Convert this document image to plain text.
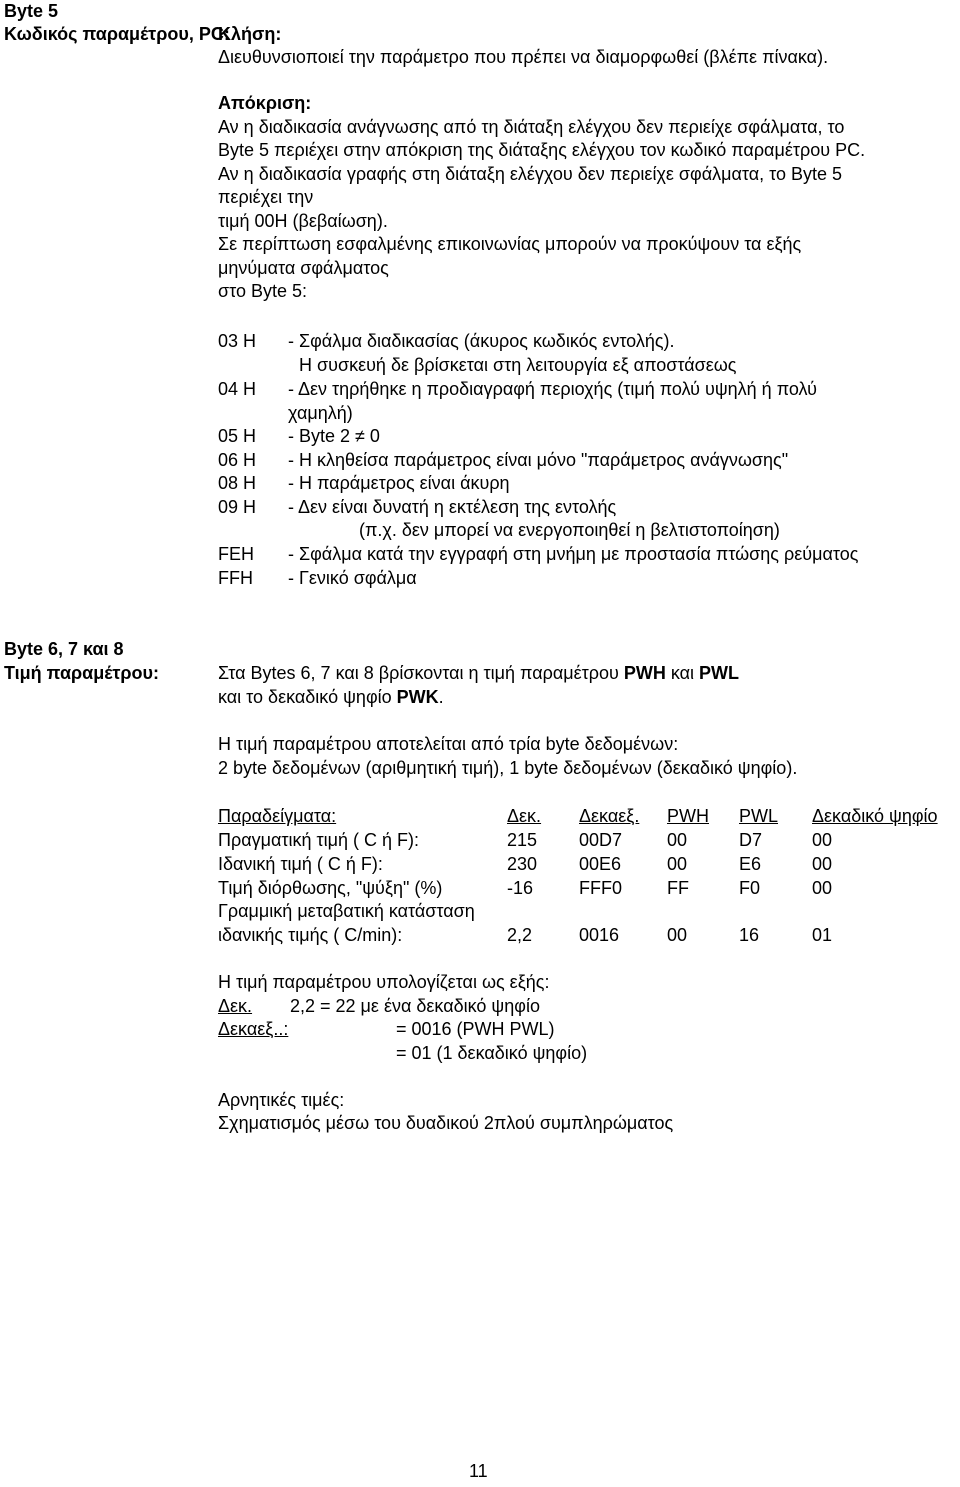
Byte 5
Κωδικός παραμέτρου, PC:
Κλήση:
Διευθυνσιοποιεί την παράμετρο που πρέπει να διαμορφωθεί (βλέπε πίνακα).
Απόκριση:
Αν η διαδικασία ανάγνωσης από τη διάταξη ελέγχου δεν περιείχε σφάλματα, το
Byte 5 περιέχει στην απόκριση της διάταξης ελέγχου τον κωδικό παραμέτρου PC.
Αν η διαδικασία γραφής στη διάταξη ελέγχου δεν περιείχε σφάλματα, το Byte 5
περιέχει την
τιμή 00H (βεβαίωση).
Σε περίπτωση εσφαλμένης επικοινωνίας μπορούν να προκύψουν τα εξής
μηνύματα σφάλματος
στο Byte 5:
03 H - Σφάλμα διαδικασίας (άκυρος κωδικός εντολής).
Η συσκευή δε βρίσκεται στη λειτουργία εξ αποστάσεως
04 H - Δεν τηρήθηκε η προδιαγραφή περιοχής (τιμή πολύ υψηλή ή πολύ
χαμηλή)
05 H - Byte 2 ≠ 0
06 H - Η κληθείσα παράμετρος είναι μόνο "παράμετρος ανάγνωσης"
08 H - Η παράμετρος είναι άκυρη
09 H - Δεν είναι δυνατή η εκτέλεση της εντολής
(π.χ. δεν μπορεί να ενεργοποιηθεί η βελτιστοποίηση)
FEH - Σφάλμα κατά την εγγραφή στη μνήμη με προστασία πτώσης ρεύματος
FFH - Γενικό σφάλμα
Byte 6, 7 και 8
Τιμή παραμέτρου:	Στα Bytes 6, 7 και 8 βρίσκονται η τιμή παραμέτρου PWH και PWL
και το δεκαδικό ψηφίο PWK.
Η τιμή παραμέτρου αποτελείται από τρία byte δεδομένων:
2 byte δεδομένων (αριθμητική τιμή), 1 byte δεδομένων (δεκαδικό ψηφίο).
Παραδείγματα:	Δεκ. Δεκαεξ. PWH PWL Δεκαδικό ψηφίο
Πραγματική τιμή ( C ή F):	215 00D7 00	D7	00
Ιδανική τιμή ( C ή F):	230 00E6	00	E6	00
Τιμή διόρθωσης, "ψύξη" (%)	-16	FFF0	FF	F0	00
Γραμμική μεταβατική κατάσταση
ιδανικής τιμής ( C/min):	2,2	0016	00	16	01
Η τιμή παραμέτρου υπολογίζεται ως εξής:
Δεκ. 2,2 = 22 με ένα δεκαδικό ψηφίο
Δεκαεξ..:	= 0016 (PWH PWL)
= 01 (1 δεκαδικό ψηφίο)
Αρνητικές τιμές:
Σχηματισμός μέσω του δυαδικού 2πλού συμπληρώματος
11
